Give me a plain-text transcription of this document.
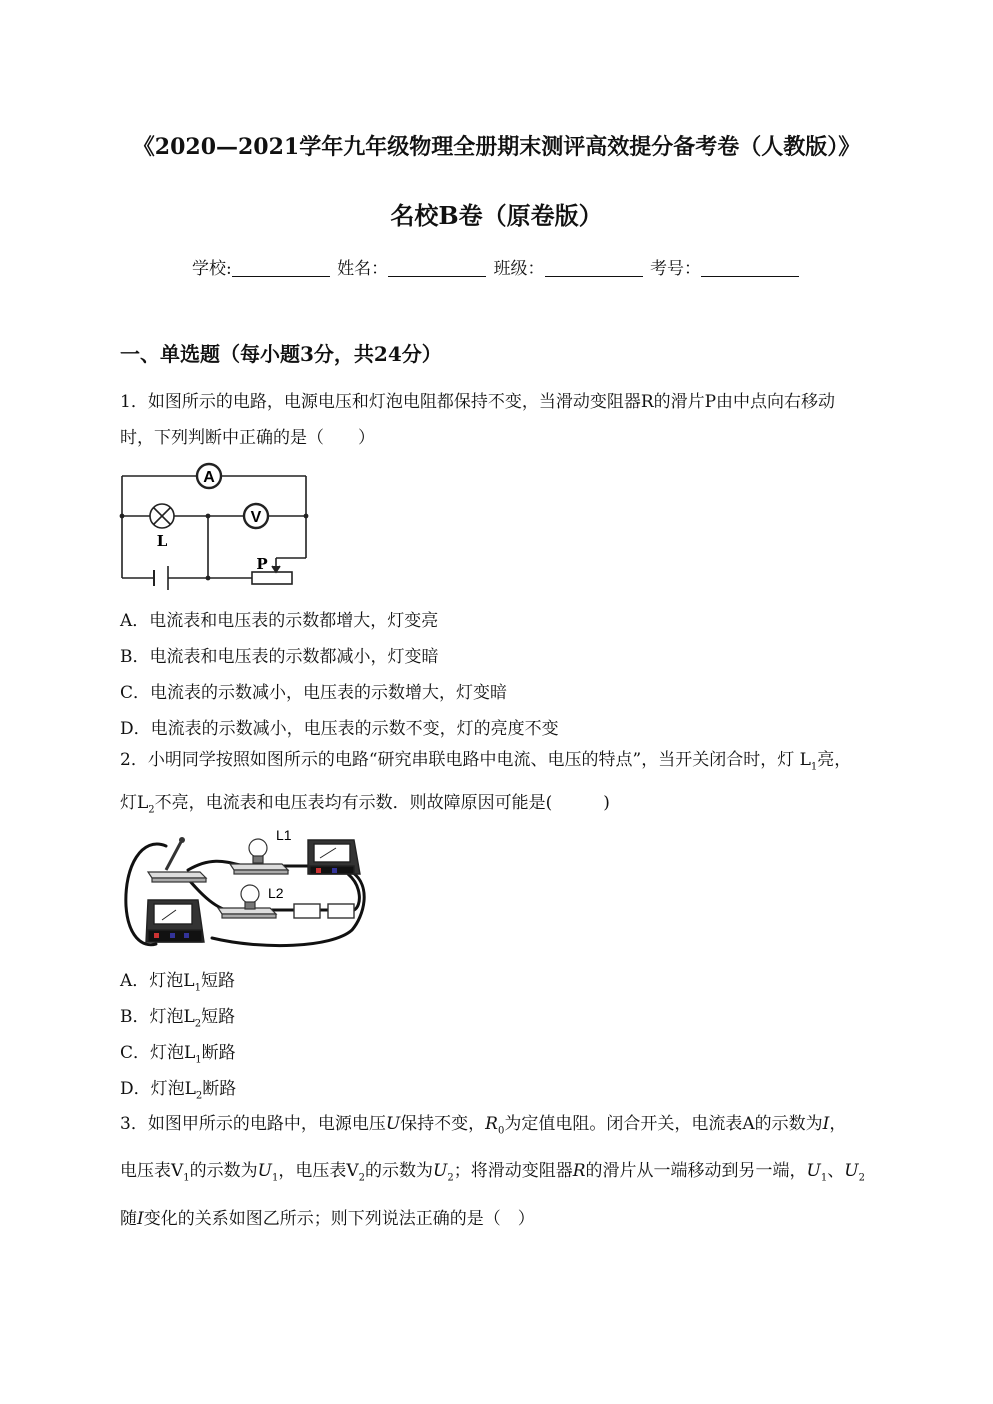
《2020—2021学年九年级物理全册期末测评高效提分备考卷（人教版）》
名校B卷（原卷版）
学校:	姓名：	班级：	考号：
一、单选题（每小题3分，共24分）
1．如图所示的电路，电源电压和灯泡电阻都保持不变，当滑动变阻器R的滑片P由中点向右移动
时，下列判断中正确的是（　　）
A
V
L
P
A．电流表和电压表的示数都增大，灯变亮
B．电流表和电压表的示数都减小，灯变暗
C．电流表的示数减小，电压表的示数增大，灯变暗
D．电流表的示数减小，电压表的示数不变，灯的亮度不变
2．小明同学按照如图所示的电路“研究串联电路中电流、电压的特点”，当开关闭合时，灯 $L_1$亮，
灯$L_2$不亮，电流表和电压表均有示数．则故障原因可能是(　　　)
L1
L2
A．灯泡$L_1$短路
B．灯泡$L_2$短路
C．灯泡$L_1$断路
D．灯泡$L_2$断路
3．如图甲所示的电路中，电源电压U保持不变，$R_0$为定值电阻。闭合开关，电流表A的示数为I，
电压表$V_1$的示数为$U_1$，电压表$V_2$的示数为$U_2$；将滑动变阻器R的滑片从一端移动到另一端，$U_1$、$U_2$
随I变化的关系如图乙所示；则下列说法正确的是（　）
